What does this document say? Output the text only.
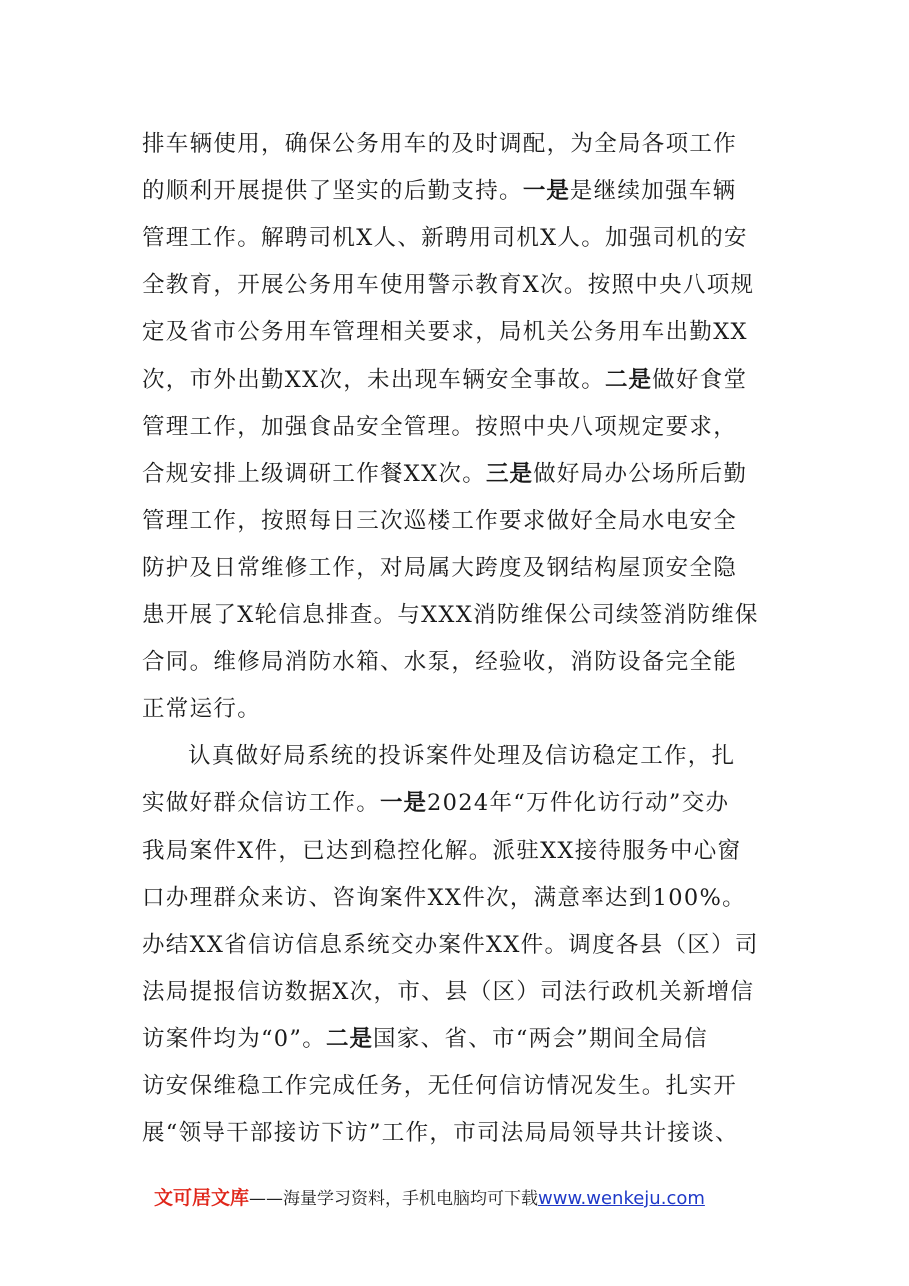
排车辆使用，确保公务用车的及时调配，为全局各项工作
的顺利开展提供了坚实的后勤支持。一是是继续加强车辆
管理工作。解聘司机X人、新聘用司机X人。加强司机的安
全教育，开展公务用车使用警示教育X次。按照中央八项规
定及省市公务用车管理相关要求，局机关公务用车出勤XX
次，市外出勤XX次，未出现车辆安全事故。二是做好食堂
管理工作，加强食品安全管理。按照中央八项规定要求，
合规安排上级调研工作餐XX次。三是做好局办公场所后勤
管理工作，按照每日三次巡楼工作要求做好全局水电安全
防护及日常维修工作，对局属大跨度及钢结构屋顶安全隐
患开展了X轮信息排查。与XXX消防维保公司续签消防维保
合同。维修局消防水箱、水泵，经验收，消防设备完全能
正常运行。
认真做好局系统的投诉案件处理及信访稳定工作，扎
实做好群众信访工作。一是2024年“万件化访行动”交办
我局案件X件，已达到稳控化解。派驻XX接待服务中心窗
口办理群众来访、咨询案件XX件次，满意率达到100%。
办结XX省信访信息系统交办案件XX件。调度各县（区）司
法局提报信访数据X次，市、县（区）司法行政机关新增信
访案件均为“0”。二是国家、省、市“两会”期间全局信
访安保维稳工作完成任务，无任何信访情况发生。扎实开
展“领导干部接访下访”工作，市司法局局领导共计接谈、
文可居文库——海量学习资料，手机电脑均可下载www.wenkeju.com
